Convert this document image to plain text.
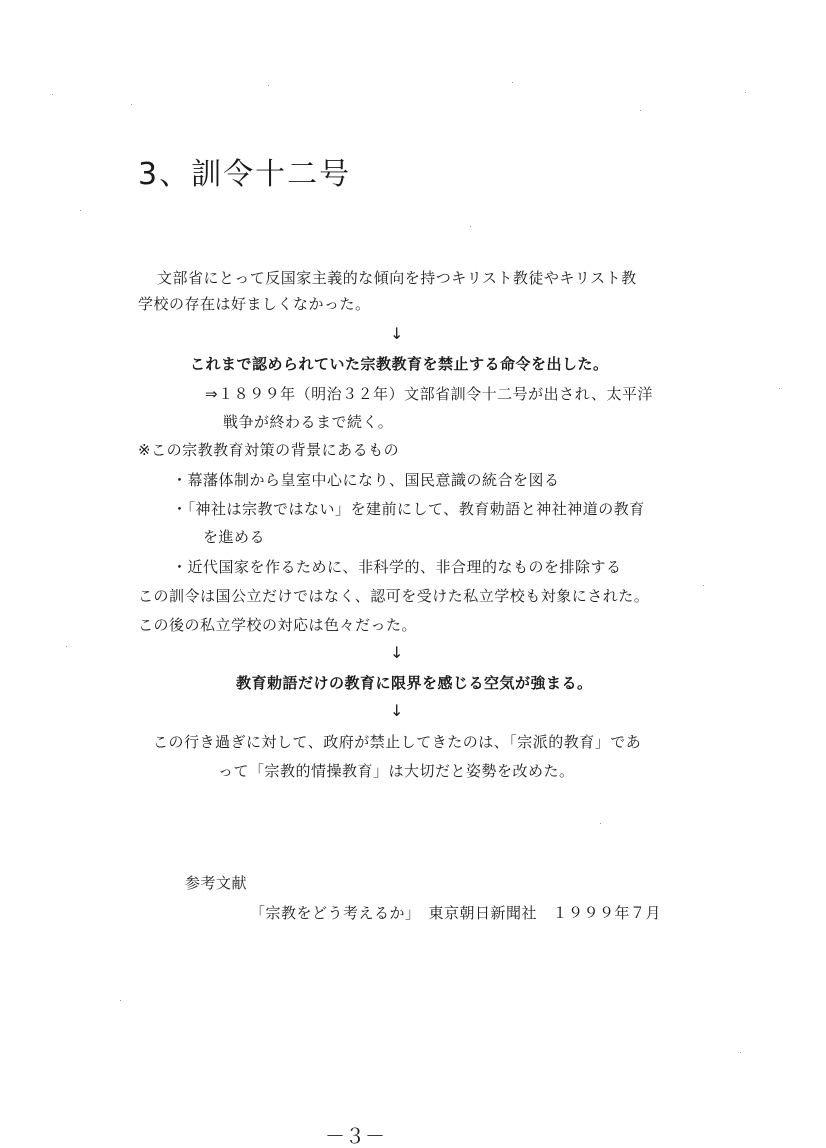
3、訓令十二号
文部省にとって反国家主義的な傾向を持つキリスト教徒やキリスト教
学校の存在は好ましくなかった。
↓
これまで認められていた宗教教育を禁止する命令を出した。
⇒１８９９年（明治３２年）文部省訓令十二号が出され、太平洋
戦争が終わるまで続く。
※この宗教教育対策の背景にあるもの
・幕藩体制から皇室中心になり、国民意識の統合を図る
・「神社は宗教ではない」を建前にして、教育勅語と神社神道の教育
を進める
・近代国家を作るために、非科学的、非合理的なものを排除する
この訓令は国公立だけではなく、認可を受けた私立学校も対象にされた。
この後の私立学校の対応は色々だった。
↓
教育勅語だけの教育に限界を感じる空気が強まる。
↓
この行き過ぎに対して、政府が禁止してきたのは、「宗派的教育」であ
って「宗教的情操教育」は大切だと姿勢を改めた。
参考文献
「宗教をどう考えるか」　東京朝日新聞社　１９９９年７月
－３－
